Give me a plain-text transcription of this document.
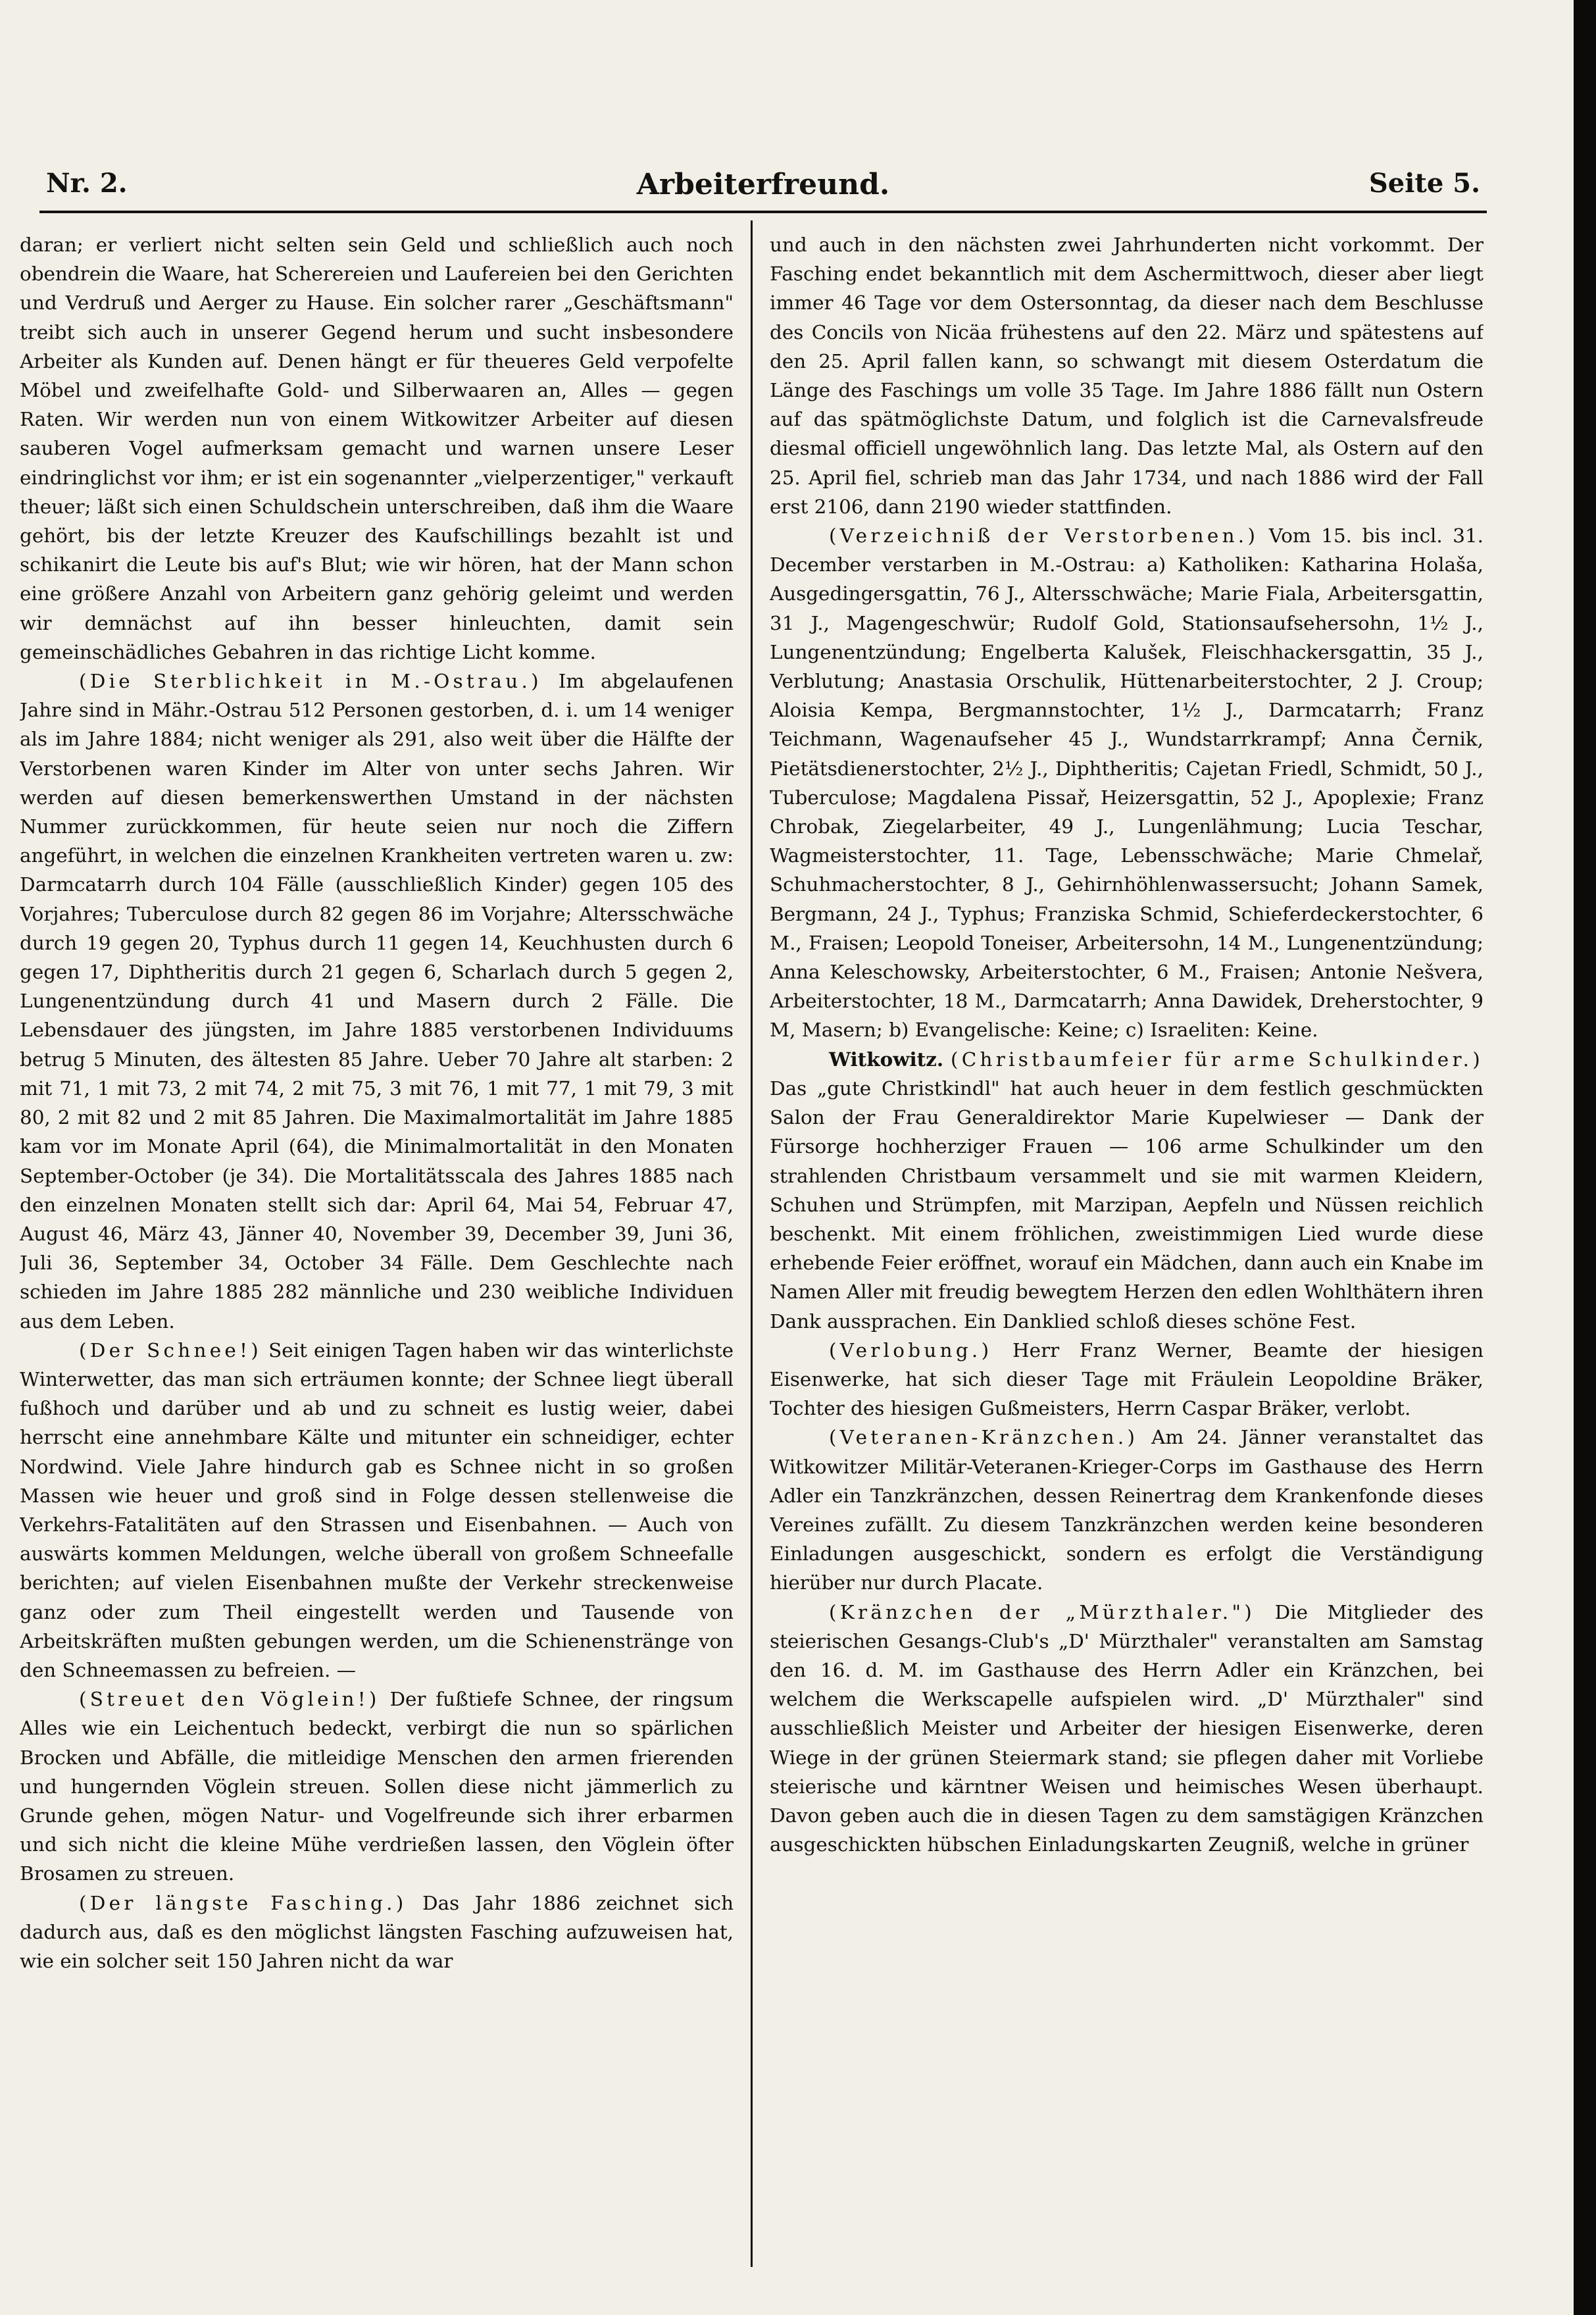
Nr. 2.	Arbeiterfreund.	Seite 5.

daran; er verliert nicht selten sein Geld und schließlich auch noch obendrein die Waare, hat Scherereien und Laufereien bei den Gerichten und Verdruß und Aerger zu Hause. Ein solcher rarer „Geschäftsmann" treibt sich auch in unserer Gegend herum und sucht insbesondere Arbeiter als Kunden auf. Denen hängt er für theueres Geld verpofelte Möbel und zweifelhafte Gold- und Silberwaaren an, Alles — gegen Raten. Wir werden nun von einem Witkowitzer Arbeiter auf diesen sauberen Vogel aufmerksam gemacht und warnen unsere Leser eindringlichst vor ihm; er ist ein sogenannter „vielperzentiger," verkauft theuer; läßt sich einen Schuldschein unterschreiben, daß ihm die Waare gehört, bis der letzte Kreuzer des Kaufschillings bezahlt ist und schikanirt die Leute bis auf's Blut; wie wir hören, hat der Mann schon eine größere Anzahl von Arbeitern ganz gehörig geleimt und werden wir demnächst auf ihn besser hinleuchten, damit sein gemeinschädliches Gebahren in das richtige Licht komme.

(Die Sterblichkeit in M.-Ostrau.) Im abgelaufenen Jahre sind in Mähr.-Ostrau 512 Personen gestorben, d. i. um 14 weniger als im Jahre 1884; nicht weniger als 291, also weit über die Hälfte der Verstorbenen waren Kinder im Alter von unter sechs Jahren. Wir werden auf diesen bemerkenswerthen Umstand in der nächsten Nummer zurückkommen, für heute seien nur noch die Ziffern angeführt, in welchen die einzelnen Krankheiten vertreten waren u. zw: Darmcatarrh durch 104 Fälle (ausschließlich Kinder) gegen 105 des Vorjahres; Tuberculose durch 82 gegen 86 im Vorjahre; Altersschwäche durch 19 gegen 20, Typhus durch 11 gegen 14, Keuchhusten durch 6 gegen 17, Diphtheritis durch 21 gegen 6, Scharlach durch 5 gegen 2, Lungenentzündung durch 41 und Masern durch 2 Fälle. Die Lebensdauer des jüngsten, im Jahre 1885 verstorbenen Individuums betrug 5 Minuten, des ältesten 85 Jahre. Ueber 70 Jahre alt starben: 2 mit 71, 1 mit 73, 2 mit 74, 2 mit 75, 3 mit 76, 1 mit 77, 1 mit 79, 3 mit 80, 2 mit 82 und 2 mit 85 Jahren. Die Maximalmortalität im Jahre 1885 kam vor im Monate April (64), die Minimalmortalität in den Monaten September-October (je 34). Die Mortalitätsscala des Jahres 1885 nach den einzelnen Monaten stellt sich dar: April 64, Mai 54, Februar 47, August 46, März 43, Jänner 40, November 39, December 39, Juni 36, Juli 36, September 34, October 34 Fälle. Dem Geschlechte nach schieden im Jahre 1885 282 männliche und 230 weibliche Individuen aus dem Leben.

(Der Schnee!) Seit einigen Tagen haben wir das winterlichste Winterwetter, das man sich erträumen konnte; der Schnee liegt überall fußhoch und darüber und ab und zu schneit es lustig weier, dabei herrscht eine annehmbare Kälte und mitunter ein schneidiger, echter Nordwind. Viele Jahre hindurch gab es Schnee nicht in so großen Massen wie heuer und groß sind in Folge dessen stellenweise die Verkehrs-Fatalitäten auf den Strassen und Eisenbahnen. — Auch von auswärts kommen Meldungen, welche überall von großem Schneefalle berichten; auf vielen Eisenbahnen mußte der Verkehr streckenweise ganz oder zum Theil eingestellt werden und Tausende von Arbeitskräften mußten gebungen werden, um die Schienenstränge von den Schneemassen zu befreien. —

(Streuet den Vöglein!) Der fußtiefe Schnee, der ringsum Alles wie ein Leichentuch bedeckt, verbirgt die nun so spärlichen Brocken und Abfälle, die mitleidige Menschen den armen frierenden und hungernden Vöglein streuen. Sollen diese nicht jämmerlich zu Grunde gehen, mögen Natur- und Vogelfreunde sich ihrer erbarmen und sich nicht die kleine Mühe verdrießen lassen, den Vöglein öfter Brosamen zu streuen.

(Der längste Fasching.) Das Jahr 1886 zeichnet sich dadurch aus, daß es den möglichst längsten Fasching aufzuweisen hat, wie ein solcher seit 150 Jahren nicht da war

und auch in den nächsten zwei Jahrhunderten nicht vorkommt. Der Fasching endet bekanntlich mit dem Aschermittwoch, dieser aber liegt immer 46 Tage vor dem Ostersonntag, da dieser nach dem Beschlusse des Concils von Nicäa frühestens auf den 22. März und spätestens auf den 25. April fallen kann, so schwangt mit diesem Osterdatum die Länge des Faschings um volle 35 Tage. Im Jahre 1886 fällt nun Ostern auf das spätmöglichste Datum, und folglich ist die Carnevalsfreude diesmal officiell ungewöhnlich lang. Das letzte Mal, als Ostern auf den 25. April fiel, schrieb man das Jahr 1734, und nach 1886 wird der Fall erst 2106, dann 2190 wieder stattfinden.

(Verzeichniß der Verstorbenen.) Vom 15. bis incl. 31. December verstarben in M.-Ostrau: a) Katholiken: Katharina Holaša, Ausgedingersgattin, 76 J., Altersschwäche; Marie Fiala, Arbeitersgattin, 31 J., Magengeschwür; Rudolf Gold, Stationsaufsehersohn, 1½ J., Lungenentzündung; Engelberta Kalušek, Fleischhackersgattin, 35 J., Verblutung; Anastasia Orschulik, Hüttenarbeiterstochter, 2 J. Croup; Aloisia Kempa, Bergmannstochter, 1½ J., Darmcatarrh; Franz Teichmann, Wagenaufseher 45 J., Wundstarrkrampf; Anna Černik, Pietätsdienerstochter, 2½ J., Diphtheritis; Cajetan Friedl, Schmidt, 50 J., Tuberculose; Magdalena Pissař, Heizersgattin, 52 J., Apoplexie; Franz Chrobak, Ziegelarbeiter, 49 J., Lungenlähmung; Lucia Teschar, Wagmeisterstochter, 11. Tage, Lebensschwäche; Marie Chmelař, Schuhmacherstochter, 8 J., Gehirnhöhlenwassersucht; Johann Samek, Bergmann, 24 J., Typhus; Franziska Schmid, Schieferdeckerstochter, 6 M., Fraisen; Leopold Toneiser, Arbeitersohn, 14 M., Lungenentzündung; Anna Keleschowsky, Arbeiterstochter, 6 M., Fraisen; Antonie Nešvera, Arbeiterstochter, 18 M., Darmcatarrh; Anna Dawidek, Dreherstochter, 9 M, Masern; b) Evangelische: Keine; c) Israeliten: Keine.

Witkowitz. (Christbaumfeier für arme Schulkinder.) Das „gute Christkindl" hat auch heuer in dem festlich geschmückten Salon der Frau Generaldirektor Marie Kupelwieser — Dank der Fürsorge hochherziger Frauen — 106 arme Schulkinder um den strahlenden Christbaum versammelt und sie mit warmen Kleidern, Schuhen und Strümpfen, mit Marzipan, Aepfeln und Nüssen reichlich beschenkt. Mit einem fröhlichen, zweistimmigen Lied wurde diese erhebende Feier eröffnet, worauf ein Mädchen, dann auch ein Knabe im Namen Aller mit freudig bewegtem Herzen den edlen Wohlthätern ihren Dank aussprachen. Ein Danklied schloß dieses schöne Fest.

(Verlobung.) Herr Franz Werner, Beamte der hiesigen Eisenwerke, hat sich dieser Tage mit Fräulein Leopoldine Bräker, Tochter des hiesigen Gußmeisters, Herrn Caspar Bräker, verlobt.

(Veteranen-Kränzchen.) Am 24. Jänner veranstaltet das Witkowitzer Militär-Veteranen-Krieger-Corps im Gasthause des Herrn Adler ein Tanzkränzchen, dessen Reinertrag dem Krankenfonde dieses Vereines zufällt. Zu diesem Tanzkränzchen werden keine besonderen Einladungen ausgeschickt, sondern es erfolgt die Verständigung hierüber nur durch Placate.

(Kränzchen der „Mürzthaler.") Die Mitglieder des steierischen Gesangs-Club's „D' Mürzthaler" veranstalten am Samstag den 16. d. M. im Gasthause des Herrn Adler ein Kränzchen, bei welchem die Werkscapelle aufspielen wird. „D' Mürzthaler" sind ausschließlich Meister und Arbeiter der hiesigen Eisenwerke, deren Wiege in der grünen Steiermark stand; sie pflegen daher mit Vorliebe steierische und kärntner Weisen und heimisches Wesen überhaupt. Davon geben auch die in diesen Tagen zu dem samstägigen Kränzchen ausgeschickten hübschen Einladungskarten Zeugniß, welche in grüner
